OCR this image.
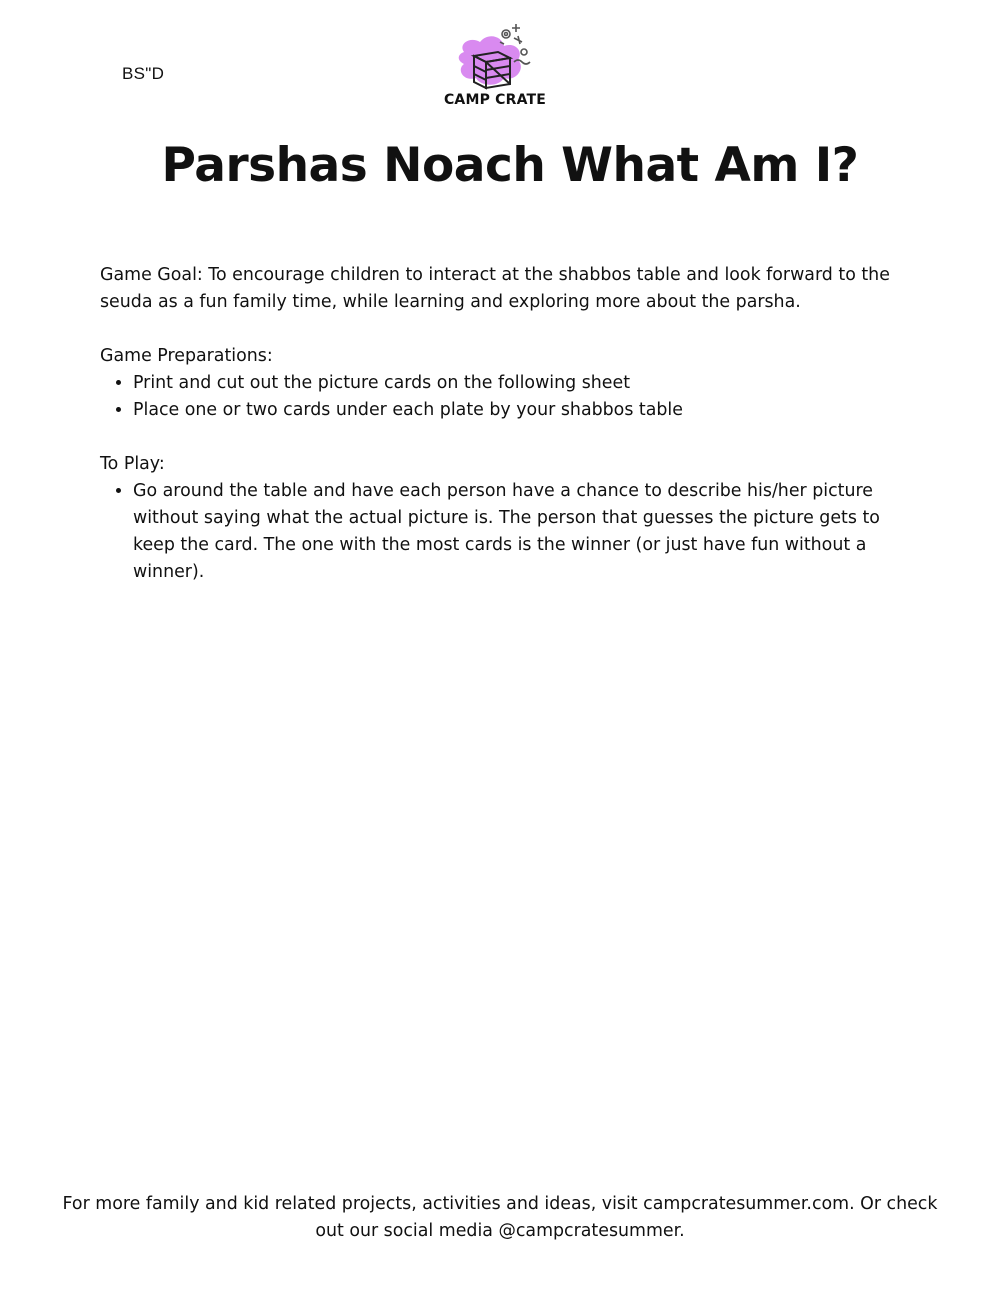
BS"D
CAMP CRATE
Parshas Noach What Am I?

Game Goal: To encourage children to interact at the shabbos table and look forward to the seuda as a fun family time, while learning and exploring more about the parsha.

Game Preparations:

• Print and cut out the picture cards on the following sheet
• Place one or two cards under each plate by your shabbos table

To Play:

• Go around the table and have each person have a chance to describe his/her picture without saying what the actual picture is. The person that guesses the picture gets to keep the card. The one with the most cards is the winner (or just have fun without a winner).
For more family and kid related projects, activities and ideas, visit campcratesummer.com. Or check out our social media @campcratesummer.
